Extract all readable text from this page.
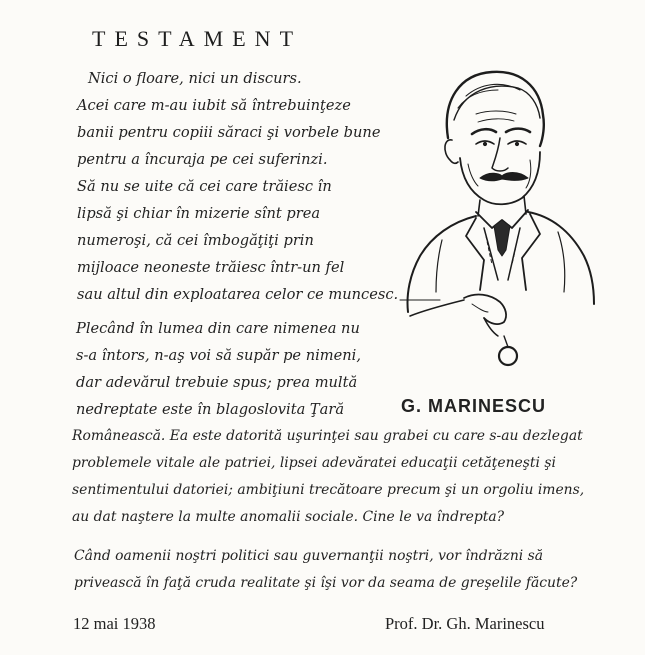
TESTAMENT
Nici o floare, nici un discurs.
Acei care m-au iubit să întrebuinţeze
banii pentru copiii săraci şi vorbele bune
pentru a încuraja pe cei suferinzi.
Să nu se uite că cei care trăiesc în
lipsă şi chiar în mizerie sînt prea
numeroşi, că cei îmbogăţiţi prin
mijloace neoneste trăiesc într-un fel
sau altul din exploatarea celor ce muncesc.
Plecând în lumea din care nimenea nu
s-a întors, n-aş voi să supăr pe nimeni,
dar adevărul trebuie spus; prea multă
nedreptate este în blagoslovita Ţară
Românească. Ea este datorită uşurinţei sau grabei cu care s-au dezlegat
problemele vitale ale patriei, lipsei adevăratei educaţii cetăţeneşti şi
sentimentului datoriei; ambiţiuni trecătoare precum şi un orgoliu imens,
au dat naştere la multe anomalii sociale. Cine le va îndrepta?
Când oamenii noştri politici sau guvernanţii noştri, vor îndrăzni să
privească în faţă cruda realitate şi îşi vor da seama de greşelile făcute?
G. MARINESCU
12 mai 1938	Prof. Dr. Gh. Marinescu
